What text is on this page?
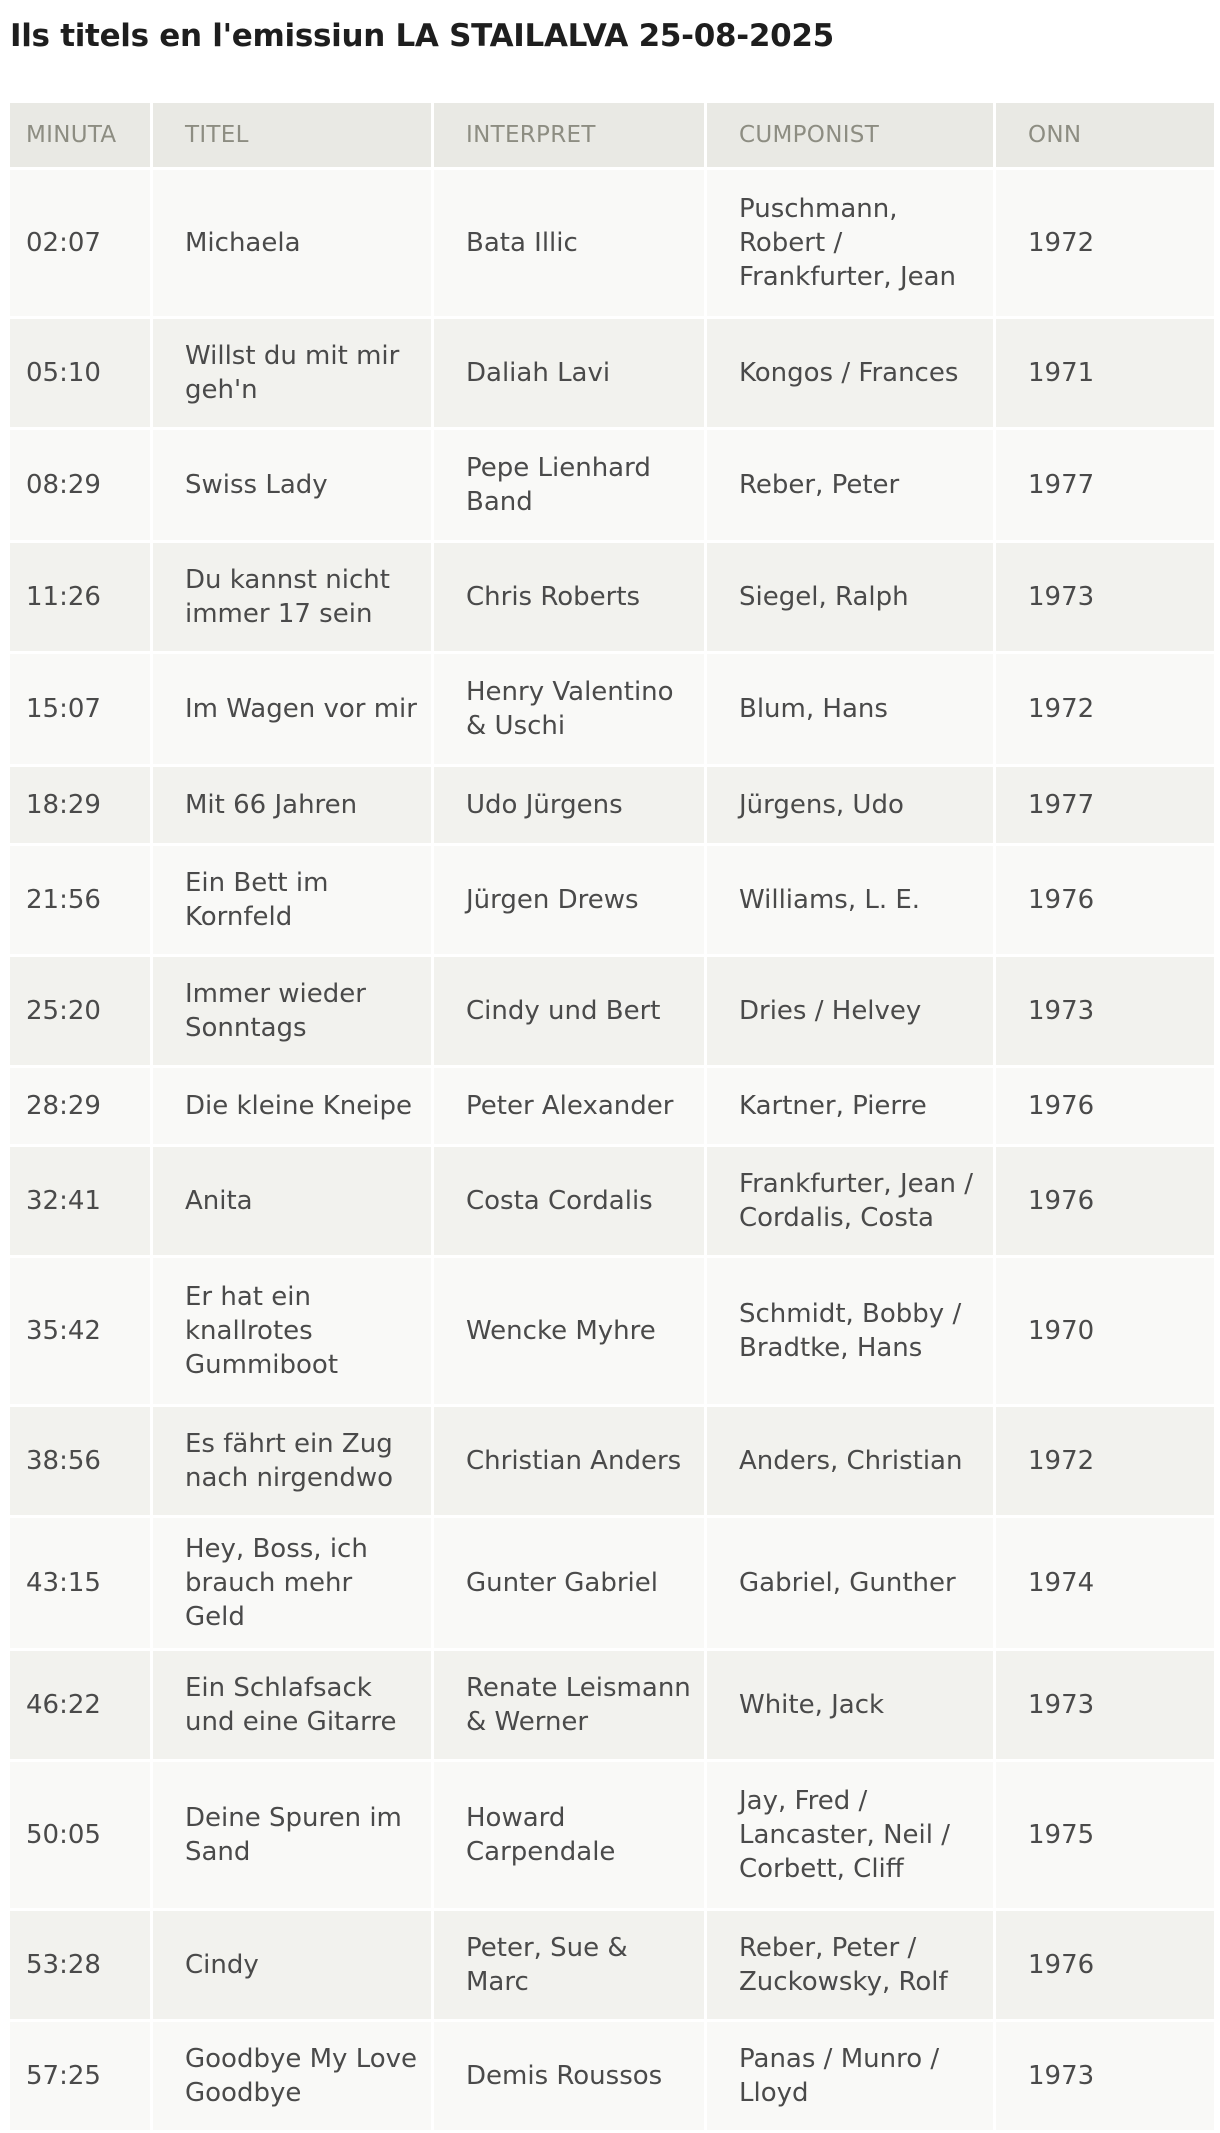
Ils titels en l'emissiun LA STAILALVA 25-08-2025
MINUTA	TITEL	INTERPRET	CUMPONIST	ONN
02:07	Michaela	Bata Illic	Puschmann, Robert / Frankfurter, Jean	1972
05:10	Willst du mit mir geh'n	Daliah Lavi	Kongos / Frances	1971
08:29	Swiss Lady	Pepe Lienhard Band	Reber, Peter	1977
11:26	Du kannst nicht immer 17 sein	Chris Roberts	Siegel, Ralph	1973
15:07	Im Wagen vor mir	Henry Valentino & Uschi	Blum, Hans	1972
18:29	Mit 66 Jahren	Udo Jürgens	Jürgens, Udo	1977
21:56	Ein Bett im Kornfeld	Jürgen Drews	Williams, L. E.	1976
25:20	Immer wieder Sonntags	Cindy und Bert	Dries / Helvey	1973
28:29	Die kleine Kneipe	Peter Alexander	Kartner, Pierre	1976
32:41	Anita	Costa Cordalis	Frankfurter, Jean / Cordalis, Costa	1976
35:42	Er hat ein knallrotes Gummiboot	Wencke Myhre	Schmidt, Bobby / Bradtke, Hans	1970
38:56	Es fährt ein Zug nach nirgendwo	Christian Anders	Anders, Christian	1972
43:15	Hey, Boss, ich brauch mehr Geld	Gunter Gabriel	Gabriel, Gunther	1974
46:22	Ein Schlafsack und eine Gitarre	Renate Leismann & Werner	White, Jack	1973
50:05	Deine Spuren im Sand	Howard Carpendale	Jay, Fred / Lancaster, Neil / Corbett, Cliff	1975
53:28	Cindy	Peter, Sue & Marc	Reber, Peter / Zuckowsky, Rolf	1976
57:25	Goodbye My Love Goodbye	Demis Roussos	Panas / Munro / Lloyd	1973
